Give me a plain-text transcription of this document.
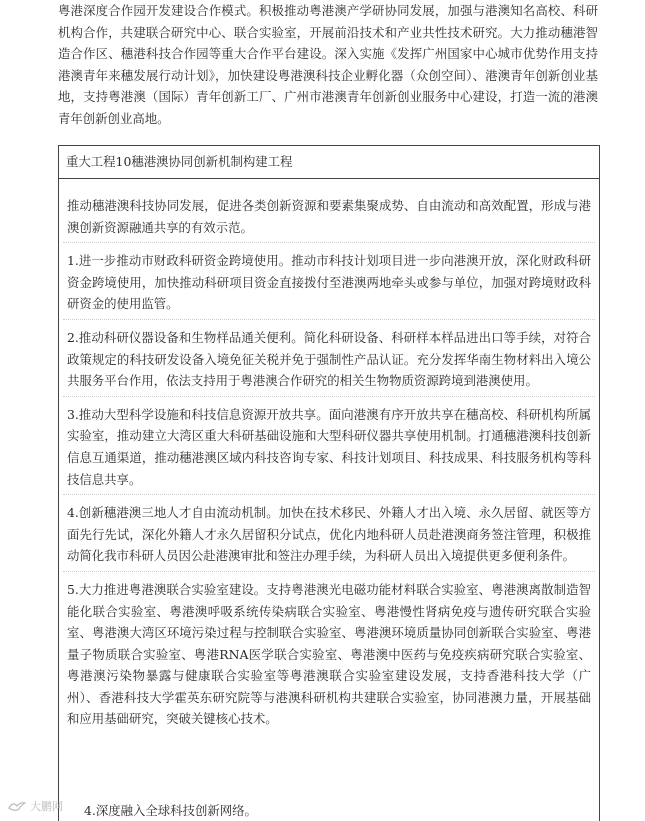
粤港深度合作园开发建设合作模式。积极推动粤港澳产学研协同发展，加强与港澳知名高校、科研机构合作，共建联合研究中心、联合实验室，开展前沿技术和产业共性技术研究。大力推动穗港智造合作区、穗港科技合作园等重大合作平台建设。深入实施《发挥广州国家中心城市优势作用支持港澳青年来穗发展行动计划》，加快建设粤港澳科技企业孵化器（众创空间）、港澳青年创新创业基地，支持粤港澳（国际）青年创新工厂、广州市港澳青年创新创业服务中心建设，打造一流的港澳青年创新创业高地。

重大工程10穗港澳协同创新机制构建工程
推动穗港澳科技协同发展，促进各类创新资源和要素集聚成势、自由流动和高效配置，形成与港澳创新资源融通共享的有效示范。
1.进一步推动市财政科研资金跨境使用。推动市科技计划项目进一步向港澳开放，深化财政科研资金跨境使用，加快推动科研项目资金直接拨付至港澳两地牵头或参与单位，加强对跨境财政科研资金的使用监管。
2.推动科研仪器设备和生物样品通关便利。简化科研设备、科研样本样品进出口等手续，对符合政策规定的科技研发设备入境免征关税并免于强制性产品认证。充分发挥华南生物材料出入境公共服务平台作用，依法支持用于粤港澳合作研究的相关生物物质资源跨境到港澳使用。
3.推动大型科学设施和科技信息资源开放共享。面向港澳有序开放共享在穗高校、科研机构所属实验室，推动建立大湾区重大科研基础设施和大型科研仪器共享使用机制。打通穗港澳科技创新信息互通渠道，推动穗港澳区域内科技咨询专家、科技计划项目、科技成果、科技服务机构等科技信息共享。
4.创新穗港澳三地人才自由流动机制。加快在技术移民、外籍人才出入境、永久居留、就医等方面先行先试，深化外籍人才永久居留积分试点，优化内地科研人员赴港澳商务签注管理，积极推动简化我市科研人员因公赴港澳审批和签注办理手续，为科研人员出入境提供更多便利条件。
5.大力推进粤港澳联合实验室建设。支持粤港澳光电磁功能材料联合实验室、粤港澳离散制造智能化联合实验室、粤港澳呼吸系统传染病联合实验室、粤港慢性肾病免疫与遗传研究联合实验室、粤港澳大湾区环境污染过程与控制联合实验室、粤港澳环境质量协同创新联合实验室、粤港量子物质联合实验室、粤港RNA医学联合实验室、粤港澳中医药与免疫疾病研究联合实验室、粤港澳污染物暴露与健康联合实验室等粤港澳联合实验室建设发展，支持香港科技大学（广州）、香港科技大学霍英东研究院等与港澳科研机构共建联合实验室，协同港澳力量，开展基础和应用基础研究，突破关键核心技术。
4.深度融入全球科技创新网络。
大鹏网
